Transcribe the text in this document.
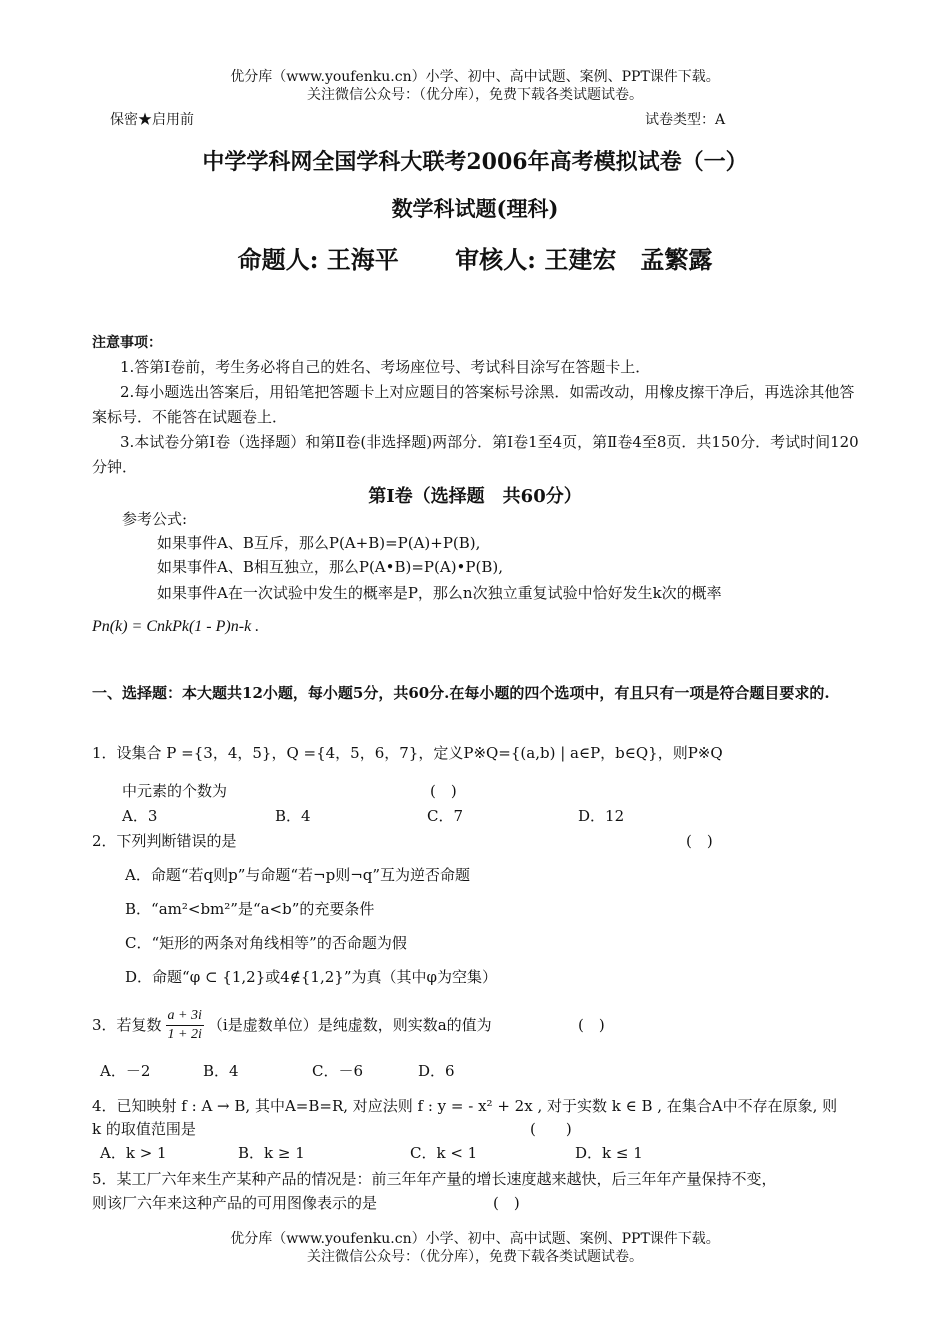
优分库（www.youfenku.cn）小学、初中、高中试题、案例、PPT课件下载。
关注微信公众号：（优分库），免费下载各类试题试卷。
保密★启用前	试卷类型：A
中学学科网全国学科大联考2006年高考模拟试卷（一）
数学科试题(理科)
命题人: 王海平　　 审核人: 王建宏　孟繁露
注意事项：
1.答第Ⅰ卷前，考生务必将自己的姓名、考场座位号、考试科目涂写在答题卡上．
2.每小题选出答案后，用铅笔把答题卡上对应题目的答案标号涂黑．如需改动，用橡皮擦干净后，再选涂其他答案标号．不能答在试题卷上．
3.本试卷分第Ⅰ卷（选择题）和第Ⅱ卷(非选择题)两部分．第Ⅰ卷1至4页，第Ⅱ卷4至8页．共150分．考试时间120分钟．
第Ⅰ卷（选择题　共60分）
参考公式:
如果事件A、B互斥，那么P(A+B)=P(A)+P(B),
如果事件A、B相互独立，那么P(A•B)=P(A)•P(B),
如果事件A在一次试验中发生的概率是P，那么n次独立重复试验中恰好发生k次的概率
Pn(k) = CnkPk(1 - P)n-k .
一、选择题：本大题共12小题，每小题5分，共60分.在每小题的四个选项中，有且只有一项是符合题目要求的.
1．设集合 P ={3，4，5}，Q ={4，5，6，7}，定义P※Q={(a,b) | a∈P，b∈Q}，则P※Q
中元素的个数为	(　)
A．3	B．4	C．7	D．12
2．下列判断错误的是	(　)
A．命题“若q则p”与命题“若¬p则¬q”互为逆否命题
B．“am²<bm²”是“a<b”的充要条件
C．“矩形的两条对角线相等”的否命题为假
D．命题“φ ⊂ {1,2}或4∉{1,2}”为真（其中φ为空集）
3．若复数 $\frac{a + 3i}{1 + 2i} (i$是虚数单位）是纯虚数，则实数a的值为	(　)
A．－2	B．4	C．－6	D．6
4．已知映射 f : A → B, 其中A=B=R, 对应法则 f : y = - x² + 2x , 对于实数 k ∈ B , 在集合A中不存在原象, 则
k 的取值范围是	(　　)
A．k > 1	B．k ≥ 1	C．k < 1	D．k ≤ 1
5．某工厂六年来生产某种产品的情况是：前三年年产量的增长速度越来越快，后三年年产量保持不变，
则该厂六年来这种产品的可用图像表示的是	(　)
优分库（www.youfenku.cn）小学、初中、高中试题、案例、PPT课件下载。
关注微信公众号：（优分库），免费下载各类试题试卷。
